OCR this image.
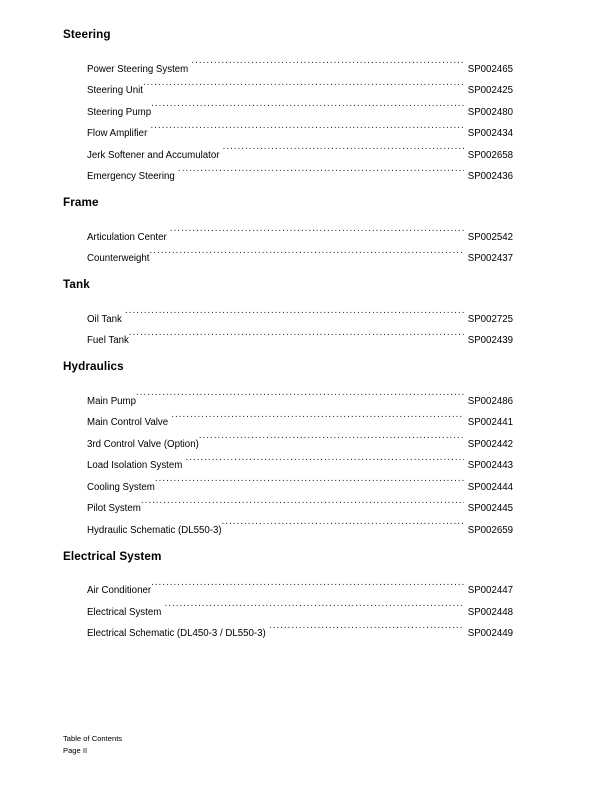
Steering
Power Steering System .....	SP002465
Steering Unit .....	SP002425
Steering Pump .....	SP002480
Flow Amplifier .....	SP002434
Jerk Softener and Accumulator .....	SP002658
Emergency Steering .....	SP002436
Frame
Articulation Center .....	SP002542
Counterweight .....	SP002437
Tank
Oil Tank .....	SP002725
Fuel Tank .....	SP002439
Hydraulics
Main Pump .....	SP002486
Main Control Valve .....	SP002441
3rd Control Valve (Option) .....	SP002442
Load Isolation System .....	SP002443
Cooling System .....	SP002444
Pilot System .....	SP002445
Hydraulic Schematic (DL550-3) .....	SP002659
Electrical System
Air Conditioner .....	SP002447
Electrical System .....	SP002448
Electrical Schematic (DL450-3 / DL550-3) .....	SP002449
Table of Contents
Page II
